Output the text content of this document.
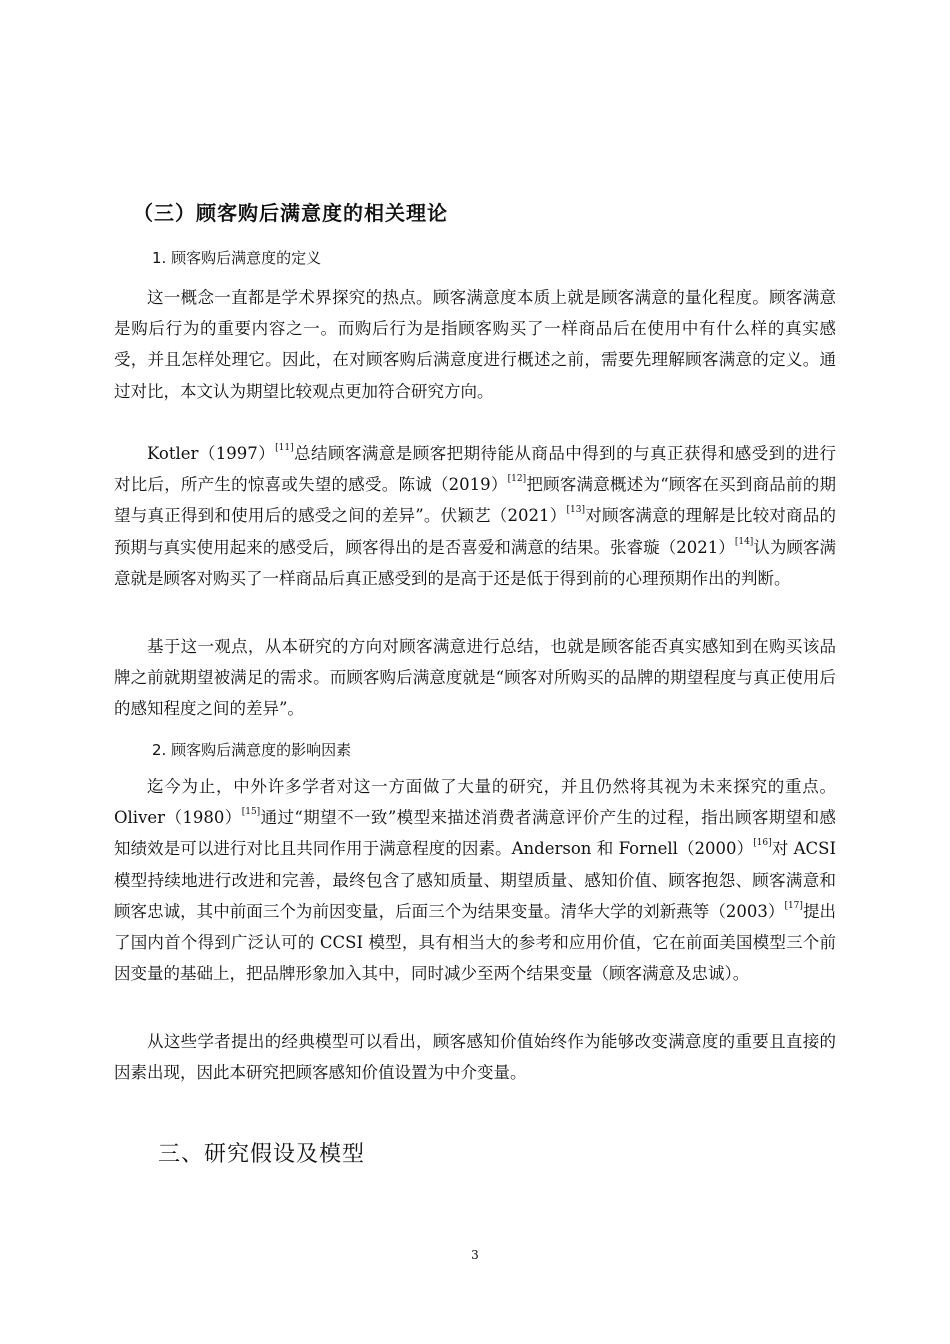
（三）顾客购后满意度的相关理论
1. 顾客购后满意度的定义

这一概念一直都是学术界探究的热点。顾客满意度本质上就是顾客满意的量化程度。顾客满意是购后行为的重要内容之一。而购后行为是指顾客购买了一样商品后在使用中有什么样的真实感受，并且怎样处理它。因此，在对顾客购后满意度进行概述之前，需要先理解顾客满意的定义。通过对比，本文认为期望比较观点更加符合研究方向。

Kotler（1997）[11]总结顾客满意是顾客把期待能从商品中得到的与真正获得和感受到的进行对比后，所产生的惊喜或失望的感受。陈诚（2019）[12]把顾客满意概述为“顾客在买到商品前的期望与真正得到和使用后的感受之间的差异”。伏颖艺（2021）[13]对顾客满意的理解是比较对商品的预期与真实使用起来的感受后，顾客得出的是否喜爱和满意的结果。张睿璇（2021）[14]认为顾客满意就是顾客对购买了一样商品后真正感受到的是高于还是低于得到前的心理预期作出的判断。

基于这一观点，从本研究的方向对顾客满意进行总结，也就是顾客能否真实感知到在购买该品牌之前就期望被满足的需求。而顾客购后满意度就是“顾客对所购买的品牌的期望程度与真正使用后的感知程度之间的差异”。

2. 顾客购后满意度的影响因素

迄今为止，中外许多学者对这一方面做了大量的研究，并且仍然将其视为未来探究的重点。Oliver（1980）[15]通过“期望不一致”模型来描述消费者满意评价产生的过程，指出顾客期望和感知绩效是可以进行对比且共同作用于满意程度的因素。Anderson 和 Fornell（2000）[16]对 ACSI 模型持续地进行改进和完善，最终包含了感知质量、期望质量、感知价值、顾客抱怨、顾客满意和顾客忠诚，其中前面三个为前因变量，后面三个为结果变量。清华大学的刘新燕等（2003）[17]提出了国内首个得到广泛认可的 CCSI 模型，具有相当大的参考和应用价值，它在前面美国模型三个前因变量的基础上，把品牌形象加入其中，同时减少至两个结果变量（顾客满意及忠诚）。

从这些学者提出的经典模型可以看出，顾客感知价值始终作为能够改变满意度的重要且直接的因素出现，因此本研究把顾客感知价值设置为中介变量。

三、研究假设及模型
3
